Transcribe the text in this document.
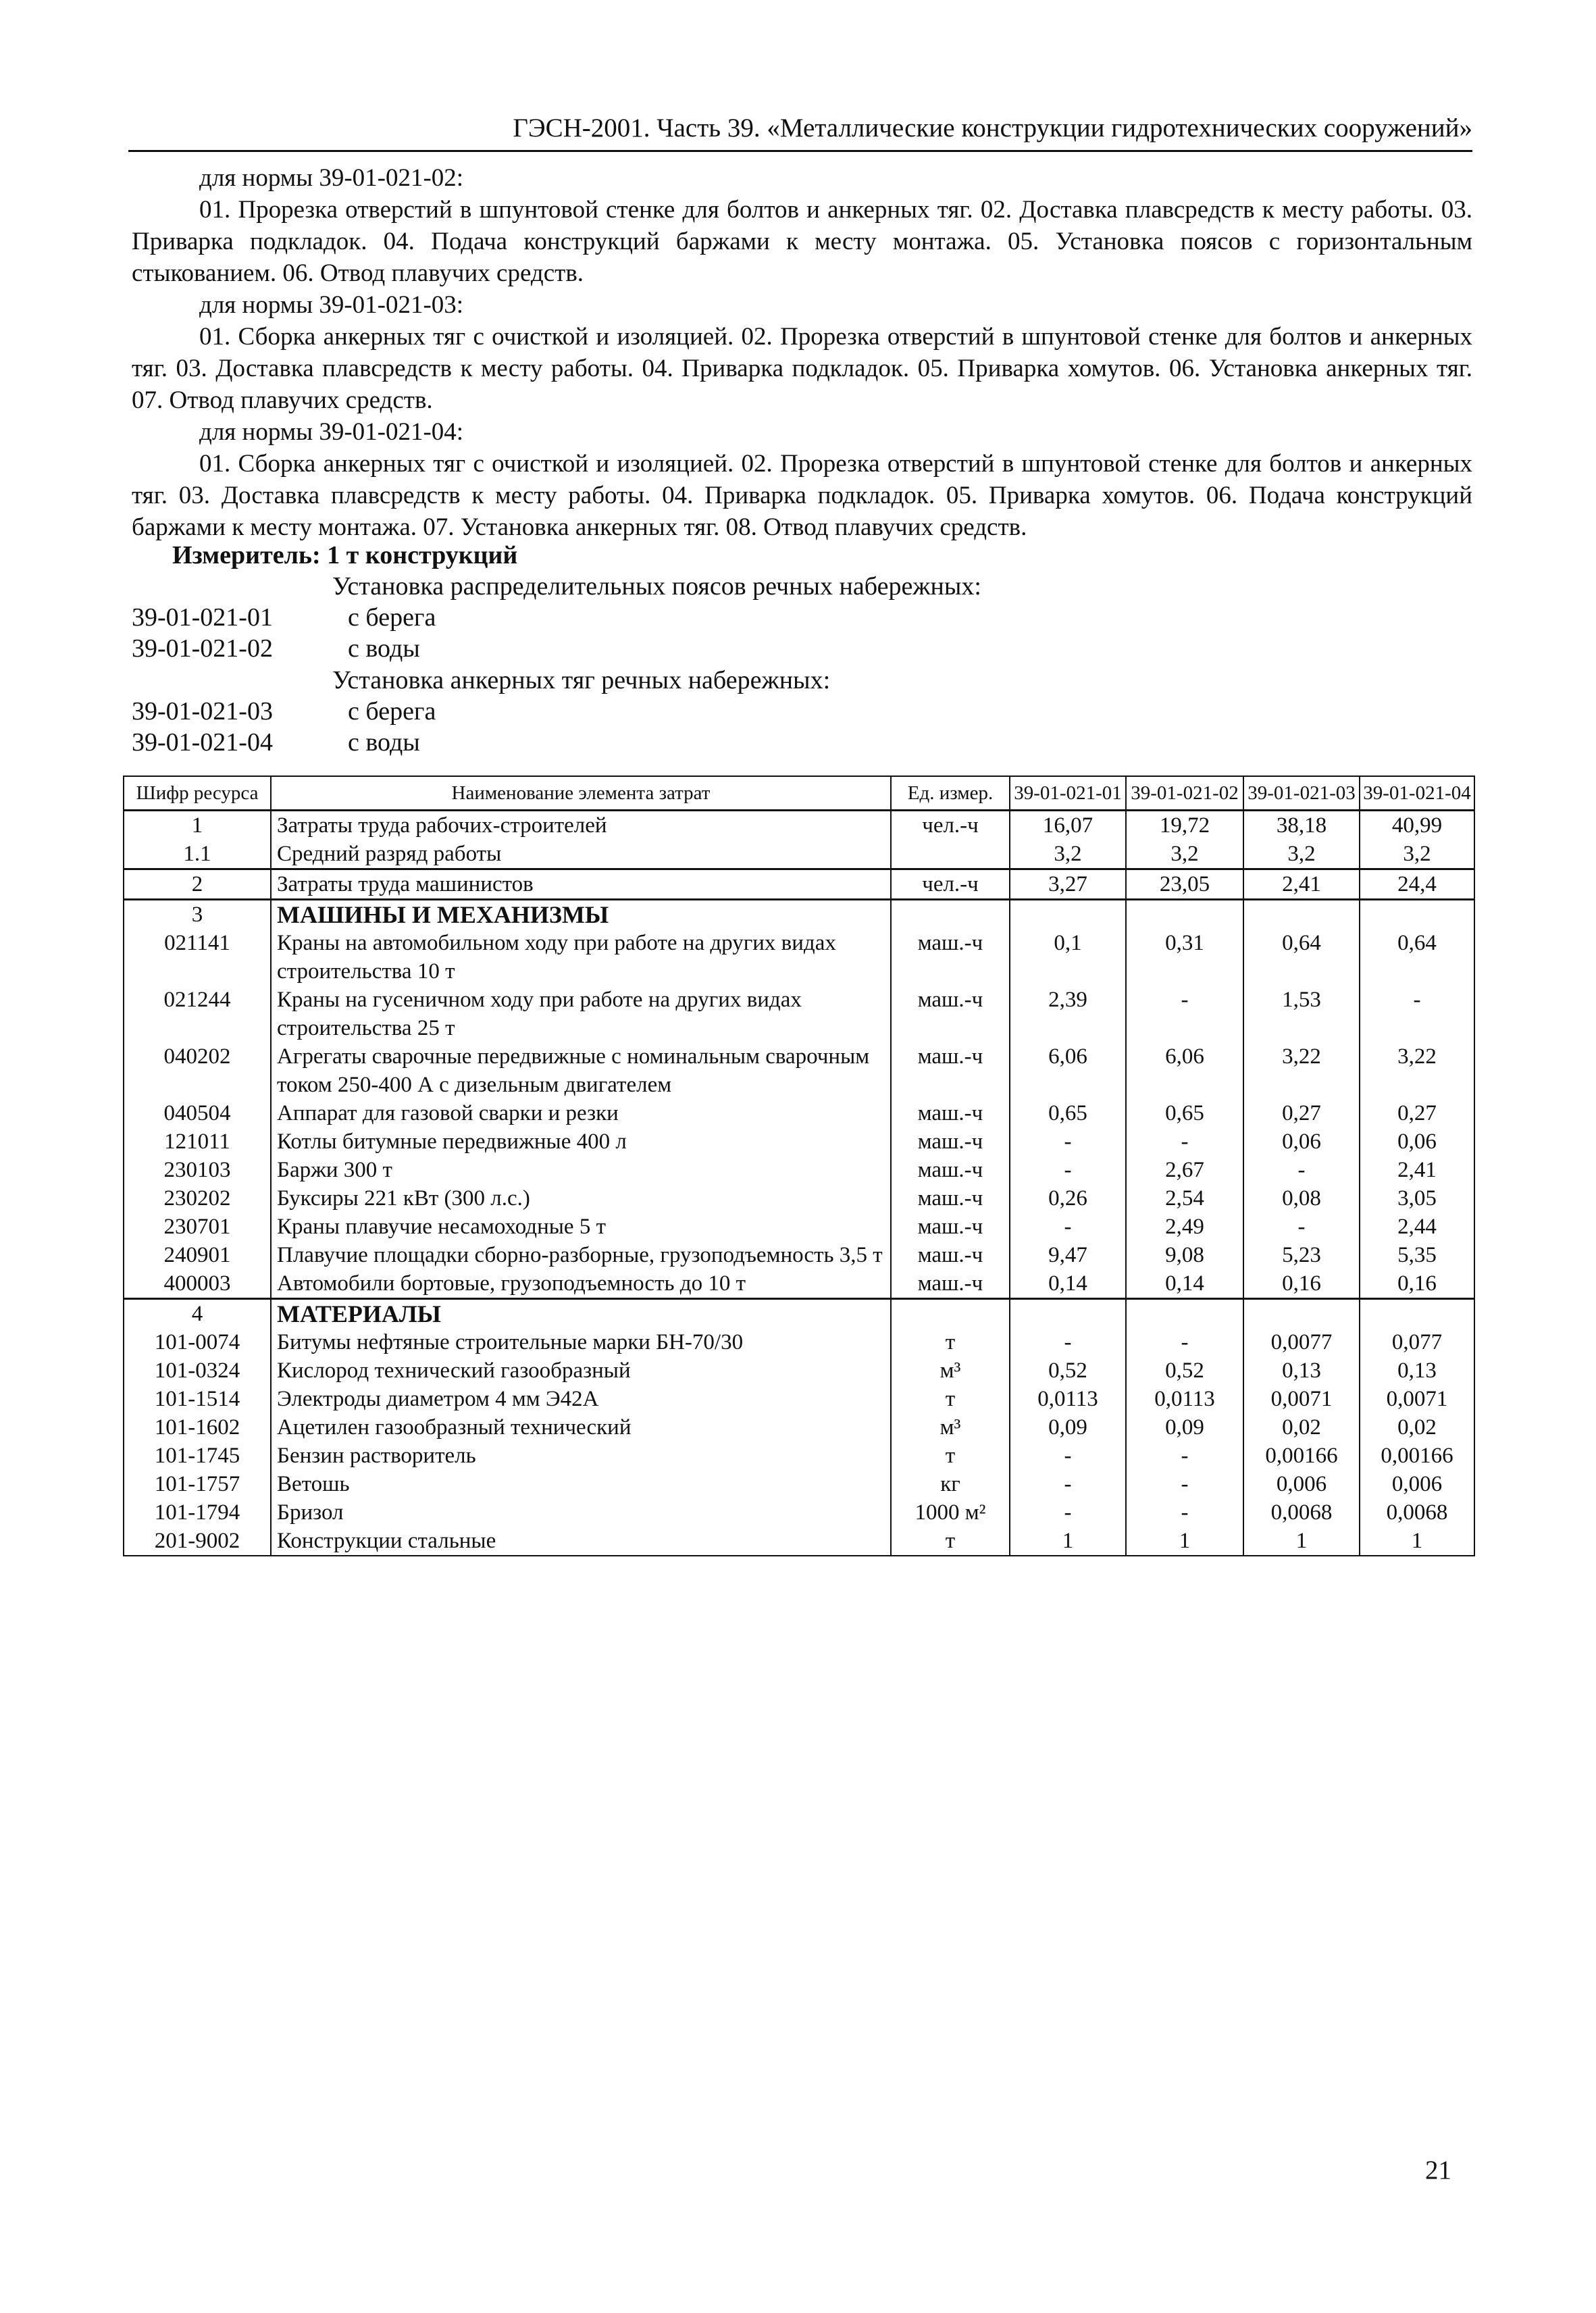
ГЭСН-2001. Часть 39. «Металлические конструкции гидротехнических сооружений»

для нормы 39-01-021-02:

01. Прорезка отверстий в шпунтовой стенке для болтов и анкерных тяг. 02. Доставка плавсредств к месту работы. 03. Приварка подкладок. 04. Подача конструкций баржами к месту монтажа. 05. Установка поясов с горизонтальным стыкованием. 06. Отвод плавучих средств.

для нормы 39-01-021-03:

01. Сборка анкерных тяг с очисткой и изоляцией. 02. Прорезка отверстий в шпунтовой стенке для болтов и анкерных тяг. 03. Доставка плавсредств к месту работы. 04. Приварка подкладок. 05. Приварка хомутов. 06. Установка анкерных тяг. 07. Отвод плавучих средств.

для нормы 39-01-021-04:

01. Сборка анкерных тяг с очисткой и изоляцией. 02. Прорезка отверстий в шпунтовой стенке для болтов и анкерных тяг. 03. Доставка плавсредств к месту работы. 04. Приварка подкладок. 05. Приварка хомутов. 06. Подача конструкций баржами к месту монтажа. 07. Установка анкерных тяг. 08. Отвод плавучих средств.

Измеритель: 1 т конструкций
Установка распределительных поясов речных набережных:
39-01-021-01	с берега
39-01-021-02	с воды
Установка анкерных тяг речных набережных:
39-01-021-03	с берега
39-01-021-04	с воды
Шифр ресурса	Наименование элемента затрат	Ед. измер.	39-01-021-01	39-01-021-02	39-01-021-03	39-01-021-04
1	Затраты труда рабочих-строителей	чел.-ч	16,07	19,72	38,18	40,99
1.1	Средний разряд работы		3,2	3,2	3,2	3,2
2	Затраты труда машинистов	чел.-ч	3,27	23,05	2,41	24,4
3	МАШИНЫ И МЕХАНИЗМЫ					
021141	Краны на автомобильном ходу при работе на других видах строительства 10 т	маш.-ч	0,1	0,31	0,64	0,64
021244	Краны на гусеничном ходу при работе на других видах строительства 25 т	маш.-ч	2,39	-	1,53	-
040202	Агрегаты сварочные передвижные с номинальным сварочным током 250-400 А с дизельным двигателем	маш.-ч	6,06	6,06	3,22	3,22
040504	Аппарат для газовой сварки и резки	маш.-ч	0,65	0,65	0,27	0,27
121011	Котлы битумные передвижные 400 л	маш.-ч	-	-	0,06	0,06
230103	Баржи 300 т	маш.-ч	-	2,67	-	2,41
230202	Буксиры 221 кВт (300 л.с.)	маш.-ч	0,26	2,54	0,08	3,05
230701	Краны плавучие несамоходные 5 т	маш.-ч	-	2,49	-	2,44
240901	Плавучие площадки сборно-разборные, грузоподъемность 3,5 т	маш.-ч	9,47	9,08	5,23	5,35
400003	Автомобили бортовые, грузоподъемность до 10 т	маш.-ч	0,14	0,14	0,16	0,16
4	МАТЕРИАЛЫ					
101-0074	Битумы нефтяные строительные марки БН-70/30	т	-	-	0,0077	0,077
101-0324	Кислород технический газообразный	м³	0,52	0,52	0,13	0,13
101-1514	Электроды диаметром 4 мм Э42А	т	0,0113	0,0113	0,0071	0,0071
101-1602	Ацетилен газообразный технический	м³	0,09	0,09	0,02	0,02
101-1745	Бензин растворитель	т	-	-	0,00166	0,00166
101-1757	Ветошь	кг	-	-	0,006	0,006
101-1794	Бризол	1000 м²	-	-	0,0068	0,0068
201-9002	Конструкции стальные	т	1	1	1	1
21
